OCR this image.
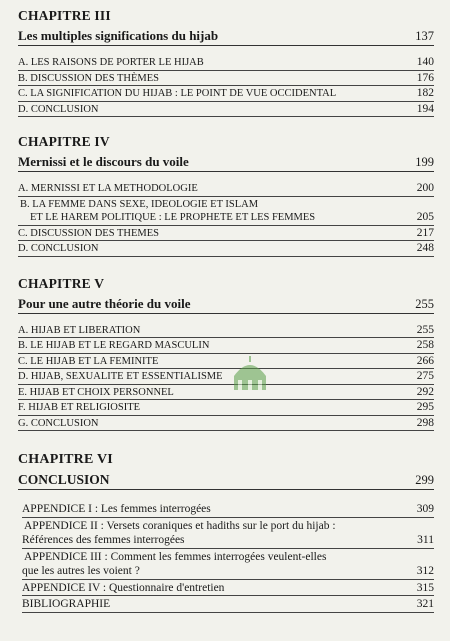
CHAPITRE III
Les multiples significations du hijab	137
A. LES RAISONS DE PORTER LE HIJAB	140
B. DISCUSSION DES THÈMES	176
C. LA SIGNIFICATION DU HIJAB : LE POINT DE VUE OCCIDENTAL	182
D. CONCLUSION	194
CHAPITRE IV
Mernissi et le discours du voile	199
A. MERNISSI ET LA METHODOLOGIE	200
B. LA FEMME DANS SEXE, IDEOLOGIE ET ISLAM
ET LE HAREM POLITIQUE : LE PROPHETE ET LES FEMMES	205
C. DISCUSSION DES THEMES	217
D. CONCLUSION	248
CHAPITRE V
Pour une autre théorie du voile	255
A. HIJAB ET LIBERATION	255
B. LE HIJAB ET LE REGARD MASCULIN	258
C. LE HIJAB ET LA FEMINITE	266
D. HIJAB, SEXUALITE ET ESSENTIALISME	275
E. HIJAB ET CHOIX PERSONNEL	292
F. HIJAB ET RELIGIOSITE	295
G. CONCLUSION	298
CHAPITRE VI
CONCLUSION	299
APPENDICE I : Les femmes interrogées	309
APPENDICE II : Versets coraniques et hadiths sur le port du hijab :
Références des femmes interrogées	311
APPENDICE III : Comment les femmes interrogées veulent-elles
que les autres les voient ?	312
APPENDICE IV : Questionnaire d'entretien	315
BIBLIOGRAPHIE	321
